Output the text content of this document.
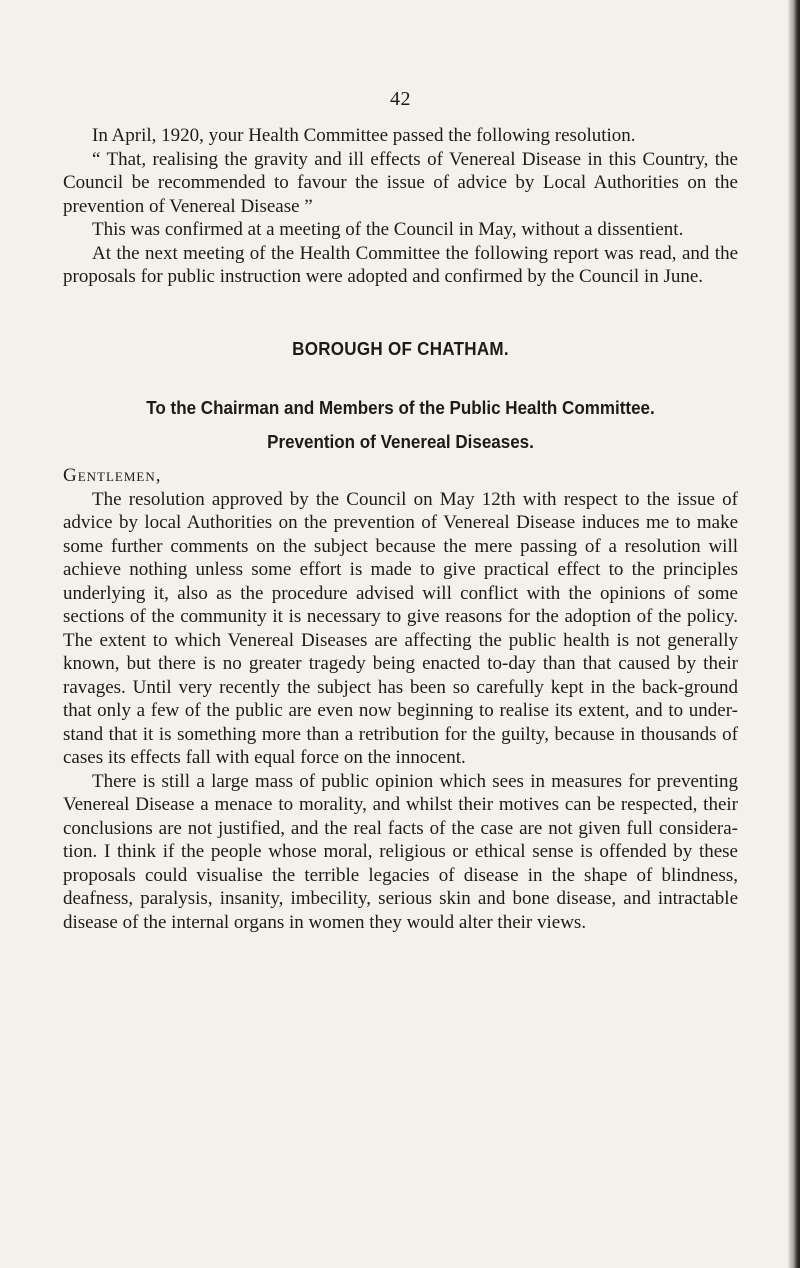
42

In April, 1920, your Health Committee passed the following resolution.

“ That, realising the gravity and ill effects of Venereal Disease in this Country, the Council be recommended to favour the issue of advice by Local Authorities on the prevention of Venereal Disease ”

This was confirmed at a meeting of the Council in May, without a dissentient.

At the next meeting of the Health Committee the following report was read, and the proposals for public instruction were adopted and confirmed by the Council in June.

BOROUGH OF CHATHAM.
To the Chairman and Members of the Public Health Committee.
Prevention of Venereal Diseases.

Gentlemen,

The resolution approved by the Council on May 12th with respect to the issue of advice by local Authorities on the prevention of Venereal Disease induces me to make some further comments on the subject because the mere passing of a resolution will achieve nothing unless some effort is made to give practical effect to the principles underlying it, also as the procedure advised will conflict with the opinions of some sections of the community it is necessary to give reasons for the adoption of the policy. The extent to which Venereal Diseases are affecting the public health is not generally known, but there is no greater tragedy being enacted to-day than that caused by their ravages. Until very recently the subject has been so carefully kept in the back-ground that only a few of the public are even now beginning to realise its extent, and to under-stand that it is something more than a retribution for the guilty, because in thousands of cases its effects fall with equal force on the innocent.

There is still a large mass of public opinion which sees in measures for preventing Venereal Disease a menace to morality, and whilst their motives can be respected, their conclusions are not justified, and the real facts of the case are not given full considera-tion. I think if the people whose moral, religious or ethical sense is offended by these proposals could visualise the terrible legacies of disease in the shape of blindness, deafness, paralysis, insanity, imbecility, serious skin and bone disease, and intractable disease of the internal organs in women they would alter their views.
